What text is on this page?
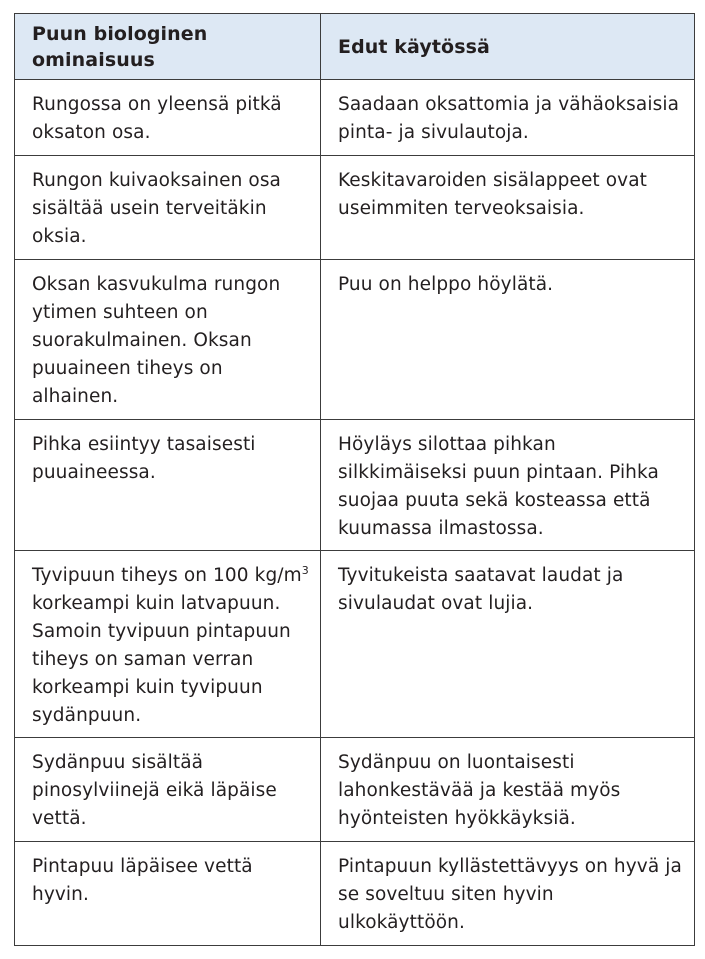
Puun biologinen ominaisuus	Edut käytössä
Rungossa on yleensä pitkä oksaton osa.	Saadaan oksattomia ja vähäoksaisia pinta- ja sivulautoja.
Rungon kuivaoksainen osa sisältää usein terveitäkin oksia.	Keskitavaroiden sisälappeet ovat useimmiten terveoksaisia.
Oksan kasvukulma rungon ytimen suhteen on suorakulmainen. Oksan puuaineen tiheys on alhainen.	Puu on helppo höylätä.
Pihka esiintyy tasaisesti puuaineessa.	Höyläys silottaa pihkan silkkimäiseksi puun pintaan. Pihka suojaa puuta sekä kosteassa että kuumassa ilmastossa.
Tyvipuun tiheys on 100 $kg/m^3$ korkeampi kuin latvapuun. Samoin tyvipuun pintapuun tiheys on saman verran korkeampi kuin tyvipuun sydänpuun.	Tyvitukeista saatavat laudat ja sivulaudat ovat lujia.
Sydänpuu sisältää pinosylviinejä eikä läpäise vettä.	Sydänpuu on luontaisesti lahonkestävää ja kestää myös hyönteisten hyökkäyksiä.
Pintapuu läpäisee vettä hyvin.	Pintapuun kyllästettävyys on hyvä ja se soveltuu siten hyvin ulkokäyttöön.
